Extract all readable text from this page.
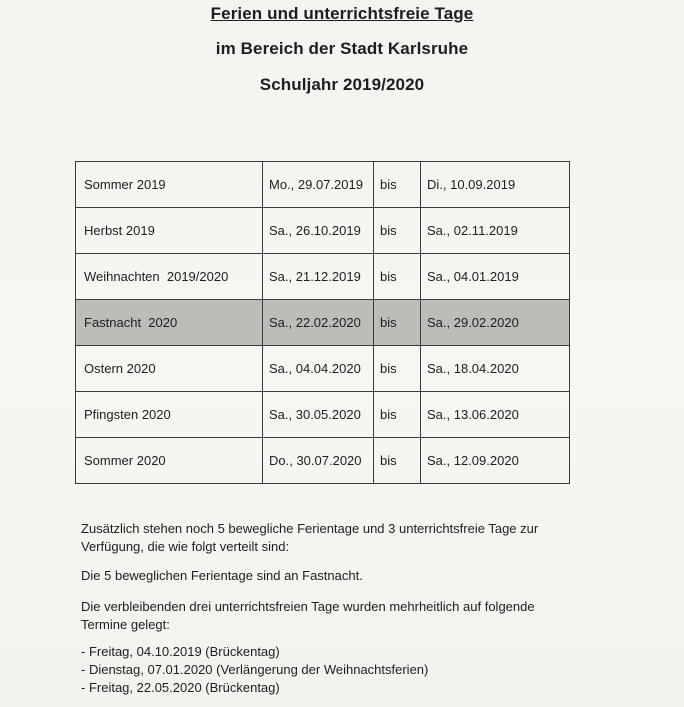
Ferien und unterrichtsfreie Tage
im Bereich der Stadt Karlsruhe
Schuljahr 2019/2020
Sommer 2019	Mo., 29.07.2019	bis	Di., 10.09.2019
Herbst 2019	Sa., 26.10.2019	bis	Sa., 02.11.2019
Weihnachten  2019/2020	Sa., 21.12.2019	bis	Sa., 04.01.2019
Fastnacht  2020	Sa., 22.02.2020	bis	Sa., 29.02.2020
Ostern 2020	Sa., 04.04.2020	bis	Sa., 18.04.2020
Pfingsten 2020	Sa., 30.05.2020	bis	Sa., 13.06.2020
Sommer 2020	Do., 30.07.2020	bis	Sa., 12.09.2020
Zusätzlich stehen noch 5 bewegliche Ferientage und 3 unterrichtsfreie Tage zur
Verfügung, die wie folgt verteilt sind:
Die 5 beweglichen Ferientage sind an Fastnacht.
Die verbleibenden drei unterrichtsfreien Tage wurden mehrheitlich auf folgende
Termine gelegt:
- Freitag, 04.10.2019 (Brückentag)
- Dienstag, 07.01.2020 (Verlängerung der Weihnachtsferien)
- Freitag, 22.05.2020 (Brückentag)
